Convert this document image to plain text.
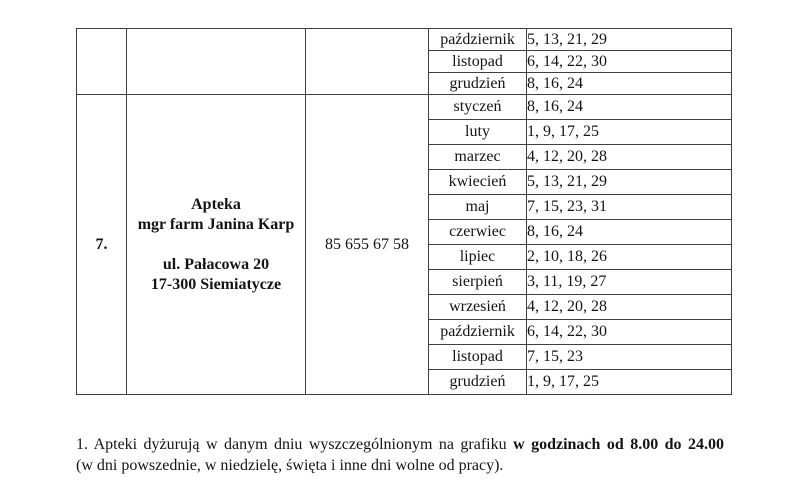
			październik	5, 13, 21, 29
			listopad	6, 14, 22, 30
			grudzień	8, 16, 24
7.	Apteka
mgr farm Janina Karp
ul. Pałacowa 20
17-300 Siemiatycze	85 655 67 58	styczeń	8, 16, 24
			luty	1, 9, 17, 25
			marzec	4, 12, 20, 28
			kwiecień	5, 13, 21, 29
			maj	7, 15, 23, 31
			czerwiec	8, 16, 24
			lipiec	2, 10, 18, 26
			sierpień	3, 11, 19, 27
			wrzesień	4, 12, 20, 28
			październik	6, 14, 22, 30
			listopad	7, 15, 23
			grudzień	1, 9, 17, 25
1. Apteki dyżurują w danym dniu wyszczególnionym na grafiku w godzinach od 8.00 do 24.00
(w dni powszednie, w niedzielę, święta i inne dni wolne od pracy).
